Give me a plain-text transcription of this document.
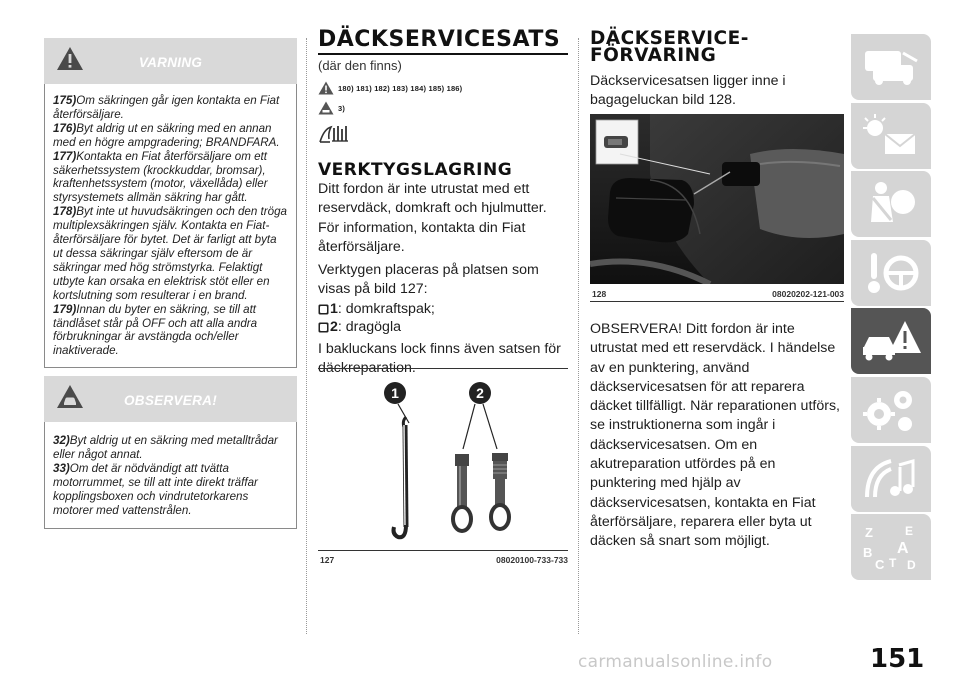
VARNING

175)Om säkringen går igen kontakta en Fiat återförsäljare.

176)Byt aldrig ut en säkring med en annan med en högre ampgradering; BRANDFARA.

177)Kontakta en Fiat återförsäljare om ett säkerhetssystem (krockkuddar, bromsar), kraftenhetssystem (motor, växellåda) eller styrsystemets allmän säkring har gått.

178)Byt inte ut huvudsäkringen och den tröga multiplexsäkringen själv. Kontakta en Fiat-återförsäljare för bytet. Det är farligt att byta ut dessa säkringar själv eftersom de är säkringar med hög strömstyrka. Felaktigt utbyte kan orsaka en elektrisk stöt eller en kortslutning som resulterar i en brand.

179)Innan du byter en säkring, se till att tändlåset står på OFF och att alla andra förbrukningar är avstängda och/eller inaktiverade.

OBSERVERA!

32)Byt aldrig ut en säkring med metalltrådar eller något annat.

33)Om det är nödvändigt att tvätta motorrummet, se till att inte direkt träffar kopplingsboxen och vindrutetorkarens motorer med vattenstrålen.

DÄCKSERVICESATS
(där den finns)
180) 181) 182) 183) 184) 185) 186)
3)
VERKTYGSLAGRING
Ditt fordon är inte utrustat med ett reservdäck, domkraft och hjulmutter. För information, kontakta din Fiat återförsäljare.
Verktygen placeras på platsen som visas på bild 127:
1 : domkraftspak;
2 : dragögla
I bakluckans lock finns även satsen för däckreparation.
1	2
127	08020100-733-733
DÄCKSERVICE-
FÖRVARING
Däckservicesatsen ligger inne i bagageluckan bild 128.
128	08020202-121-003
OBSERVERA! Ditt fordon är inte utrustat med ett reservdäck. I händelse av en punktering, använd däckservicesatsen för att reparera däcket tillfälligt. När reparationen utförs, se instruktionerna som ingår i däckservicesatsen. Om en akutreparation utfördes på en punktering med hjälp av däckservicesatsen, kontakta en Fiat återförsäljare, reparera eller byta ut däcken så snart som möjligt.
Z	E
B A
C T D
carmanualsonline.info	151
